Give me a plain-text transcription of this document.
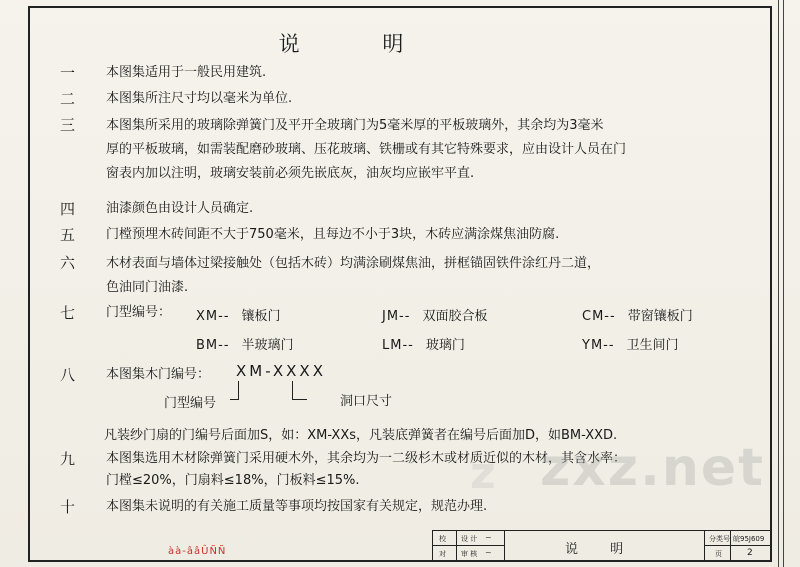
说 明
一	本图集适用于一般民用建筑.
二	本图集所注尺寸均以毫米为单位.
三	本图集所采用的玻璃除弹簧门及平开全玻璃门为5毫米厚的平板玻璃外，其余均为3毫米
厚的平板玻璃，如需装配磨砂玻璃、压花玻璃、铁栅或有其它特殊要求，应由设计人员在门
窗表内加以注明，玻璃安装前必须先嵌底灰，油灰均应嵌牢平直.
四	油漆颜色由设计人员确定.
五	门樘预埋木砖间距不大于750毫米，且每边不小于3块，木砖应满涂煤焦油防腐.
六	木材表面与墙体过梁接触处（包括木砖）均满涂刷煤焦油，拼框锚固铁件涂红丹二道，
色油同门油漆.
七	门型编号： XM-- 镶板门	JM-- 双面胶合板	CM-- 带窗镶板门
BM-- 半玻璃门	LM-- 玻璃门	YM-- 卫生间门
八	本图集木门编号： XM-XXXX
门型编号	洞口尺寸
凡装纱门扇的门编号后面加S，如：XM-XXs，凡装底弹簧者在编号后面加D，如BM-XXD.
九	本图集选用木材除弹簧门采用硬木外，其余均为一二级杉木或材质近似的木材，其含水率：
门樘≤20%，门扇料≤18%，门板料≤15%.
十	本图集未说明的有关施工质量等事项均按国家有关规定，规范办理.
z zxz.net
校 设 计
对 审 核
~
~	说 明
分类号 皖95J609
页	2
àà-ââÛÑÑ
